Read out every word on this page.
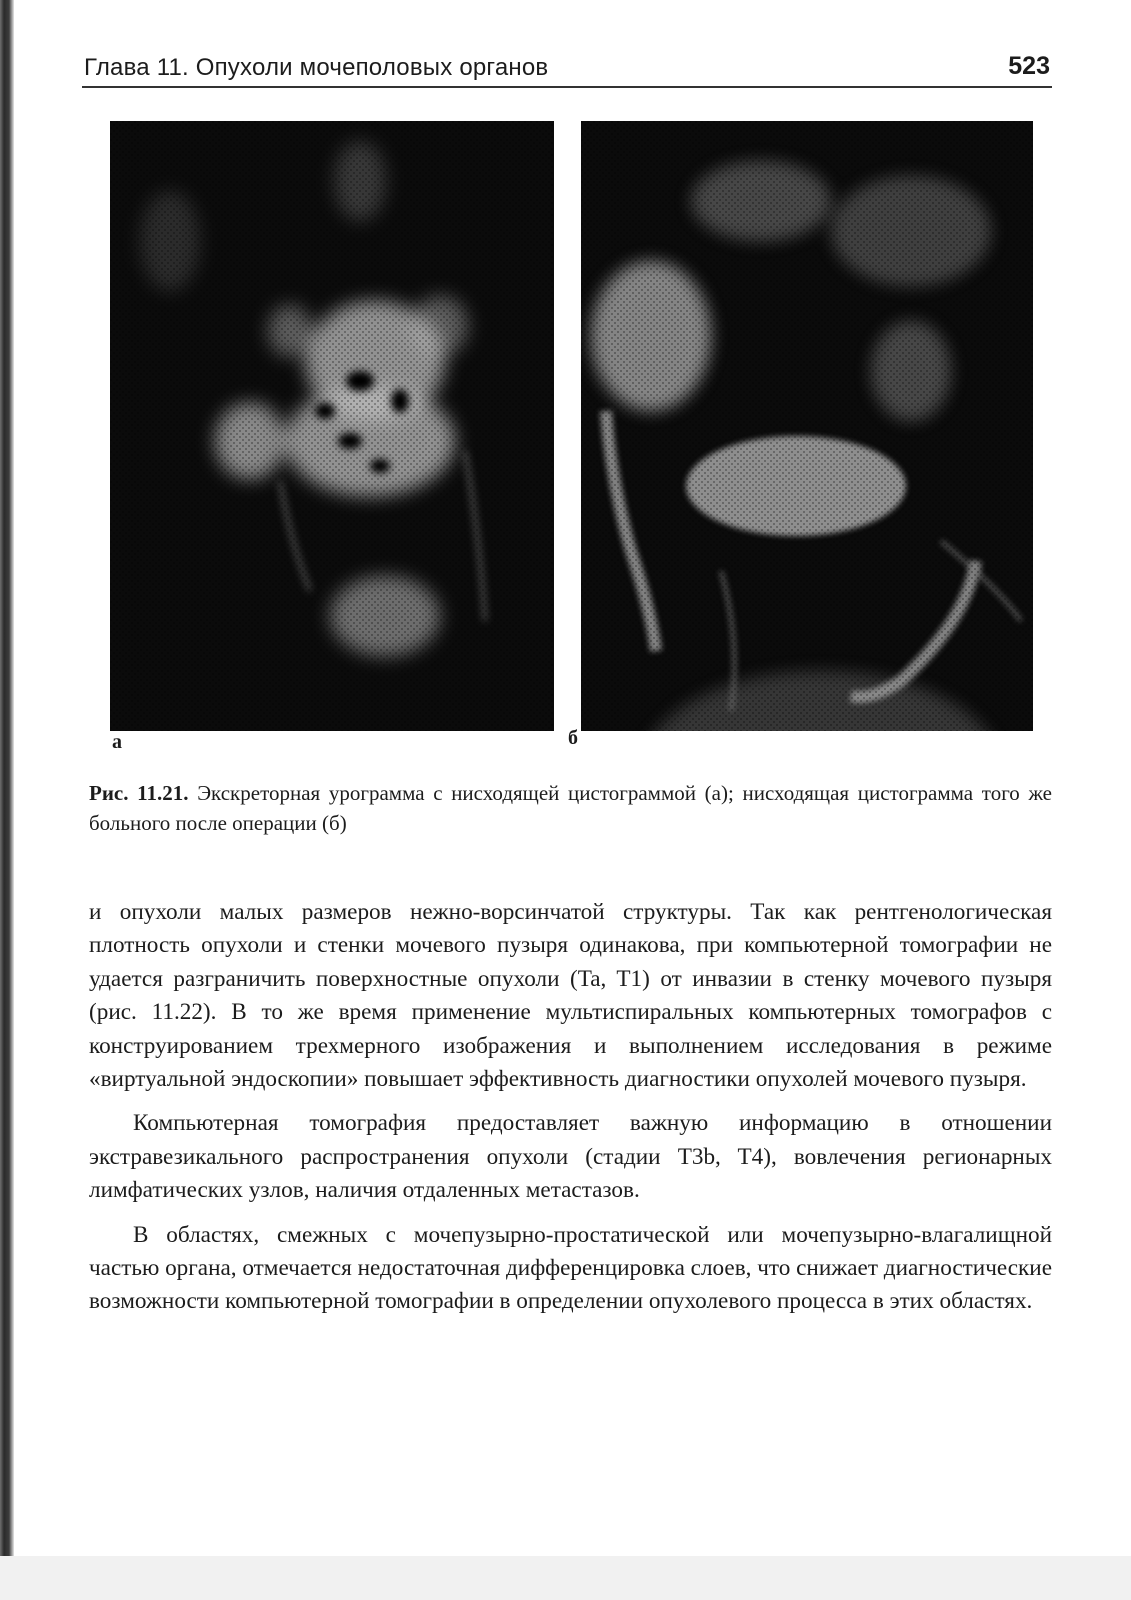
Глава 11. Опухоли мочеполовых органов	523
а	б
Рис. 11.21. Экскреторная урограмма с нисходящей цистограммой (а); нисходящая цистограмма того же больного после операции (б)

и опухоли малых размеров нежно-ворсинчатой структуры. Так как рентгенологическая плотность опухоли и стенки мочевого пузыря одинакова, при компьютерной томографии не удается разграничить поверхностные опухоли (Ta, T1) от инвазии в стенку мочевого пузыря (рис. 11.22). В то же время применение мультиспиральных компьютерных томографов с конструированием трехмерного изображения и выполнением исследования в режиме «виртуальной эндоскопии» повышает эффективность диагностики опухолей мочевого пузыря.

Компьютерная томография предоставляет важную информацию в отношении экстравезикального распространения опухоли (стадии T3b, T4), вовлечения регионарных лимфатических узлов, наличия отдаленных метастазов.

В областях, смежных с мочепузырно-простатической или мочепузырно-влагалищной частью органа, отмечается недостаточная дифференцировка слоев, что снижает диагностические возможности компьютерной томографии в определении опухолевого процесса в этих областях.
